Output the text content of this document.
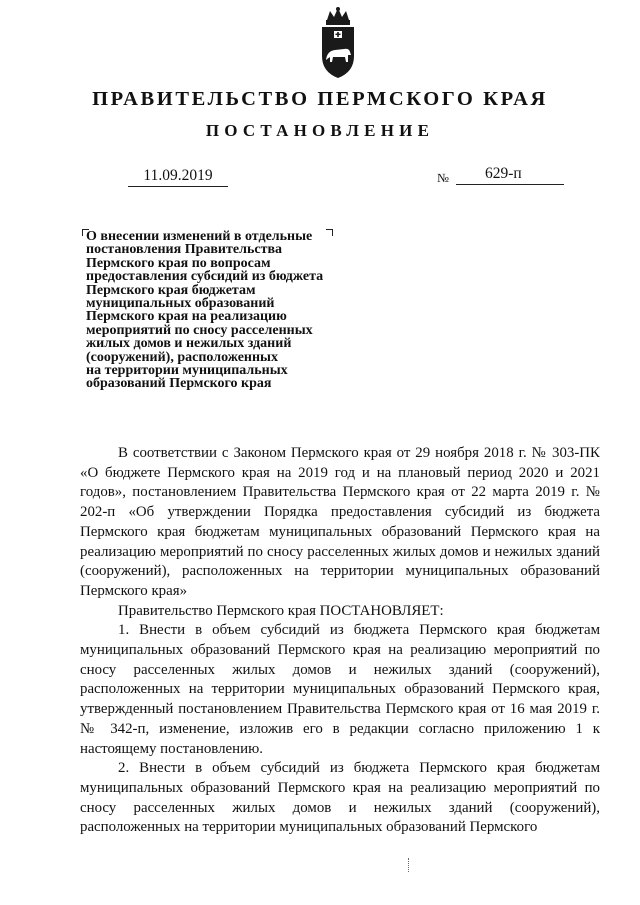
ПРАВИТЕЛЬСТВО ПЕРМСКОГО КРАЯ
ПОСТАНОВЛЕНИЕ
11.09.2019	№ 629-п
О внесении изменений в отдельные
постановления Правительства
Пермского края по вопросам
предоставления субсидий из бюджета
Пермского края бюджетам
муниципальных образований
Пермского края на реализацию
мероприятий по сносу расселенных
жилых домов и нежилых зданий
(сооружений), расположенных
на территории муниципальных
образований Пермского края

В соответствии с Законом Пермского края от 29 ноября 2018 г. № 303-ПК «О бюджете Пермского края на 2019 год и на плановый период 2020 и 2021 годов», постановлением Правительства Пермского края от 22 марта 2019 г. № 202-п «Об утверждении Порядка предоставления субсидий из бюджета Пермского края бюджетам муниципальных образований Пермского края на реализацию мероприятий по сносу расселенных жилых домов и нежилых зданий (сооружений), расположенных на территории муниципальных образований Пермского края»

Правительство Пермского края ПОСТАНОВЛЯЕТ:

1. Внести в объем субсидий из бюджета Пермского края бюджетам муниципальных образований Пермского края на реализацию мероприятий по сносу расселенных жилых домов и нежилых зданий (сооружений), расположенных на территории муниципальных образований Пермского края, утвержденный постановлением Правительства Пермского края от 16 мая 2019 г. № 342-п, изменение, изложив его в редакции согласно приложению 1 к настоящему постановлению.

2. Внести в объем субсидий из бюджета Пермского края бюджетам муниципальных образований Пермского края на реализацию мероприятий по сносу расселенных жилых домов и нежилых зданий (сооружений), расположенных на территории муниципальных образований Пермского
